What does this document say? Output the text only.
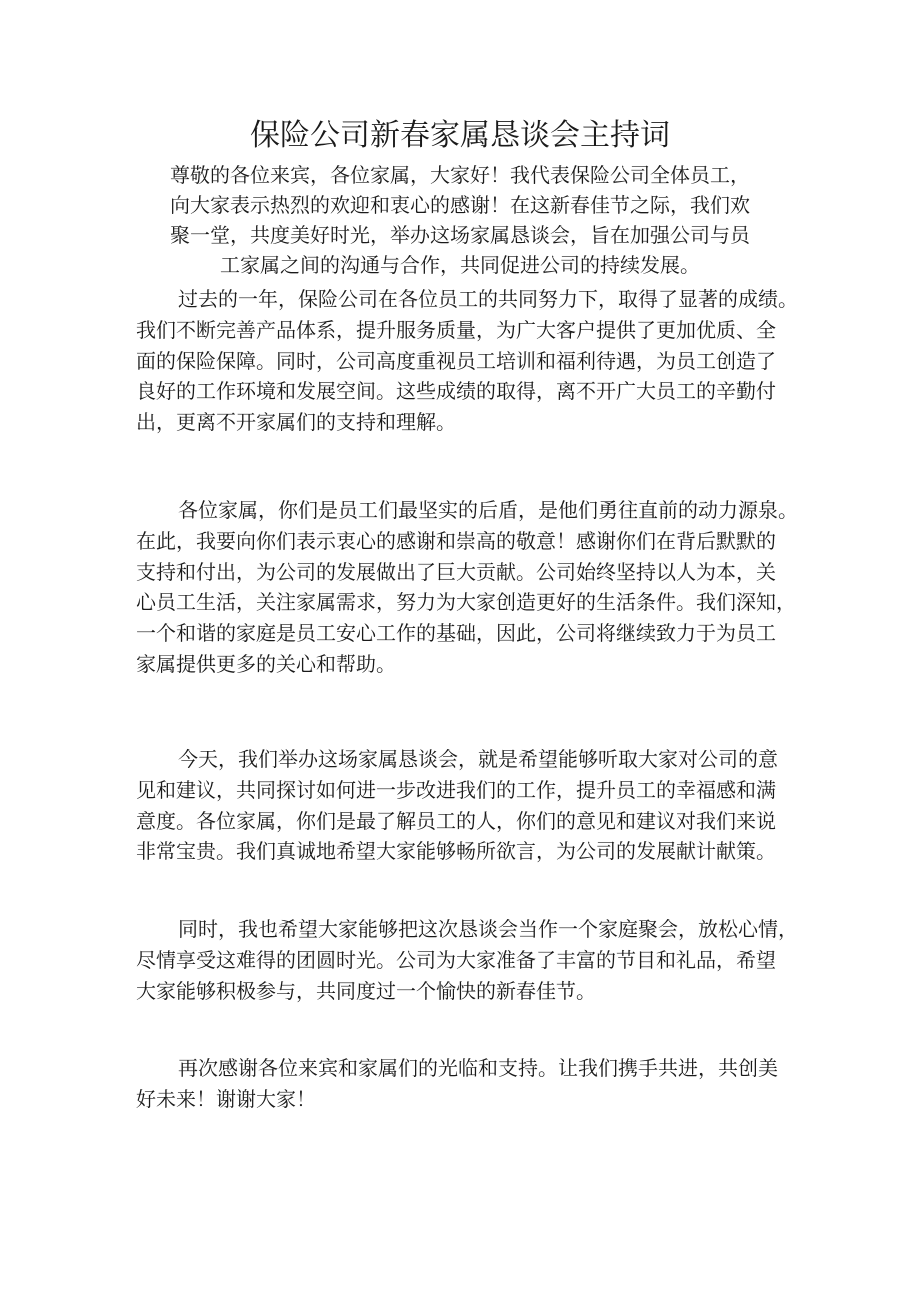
保险公司新春家属恳谈会主持词

尊敬的各位来宾，各位家属，大家好！我代表保险公司全体员工，
向大家表示热烈的欢迎和衷心的感谢！在这新春佳节之际，我们欢
聚一堂，共度美好时光，举办这场家属恳谈会，旨在加强公司与员
工家属之间的沟通与合作，共同促进公司的持续发展。

过去的一年，保险公司在各位员工的共同努力下，取得了显著的成绩。
我们不断完善产品体系，提升服务质量，为广大客户提供了更加优质、全
面的保险保障。同时，公司高度重视员工培训和福利待遇，为员工创造了
良好的工作环境和发展空间。这些成绩的取得，离不开广大员工的辛勤付
出，更离不开家属们的支持和理解。

各位家属，你们是员工们最坚实的后盾，是他们勇往直前的动力源泉。
在此，我要向你们表示衷心的感谢和崇高的敬意！感谢你们在背后默默的
支持和付出，为公司的发展做出了巨大贡献。公司始终坚持以人为本，关
心员工生活，关注家属需求，努力为大家创造更好的生活条件。我们深知，
一个和谐的家庭是员工安心工作的基础，因此，公司将继续致力于为员工
家属提供更多的关心和帮助。

今天，我们举办这场家属恳谈会，就是希望能够听取大家对公司的意
见和建议，共同探讨如何进一步改进我们的工作，提升员工的幸福感和满
意度。各位家属，你们是最了解员工的人，你们的意见和建议对我们来说
非常宝贵。我们真诚地希望大家能够畅所欲言，为公司的发展献计献策。

同时，我也希望大家能够把这次恳谈会当作一个家庭聚会，放松心情，
尽情享受这难得的团圆时光。公司为大家准备了丰富的节目和礼品，希望
大家能够积极参与，共同度过一个愉快的新春佳节。

再次感谢各位来宾和家属们的光临和支持。让我们携手共进，共创美
好未来！谢谢大家！
